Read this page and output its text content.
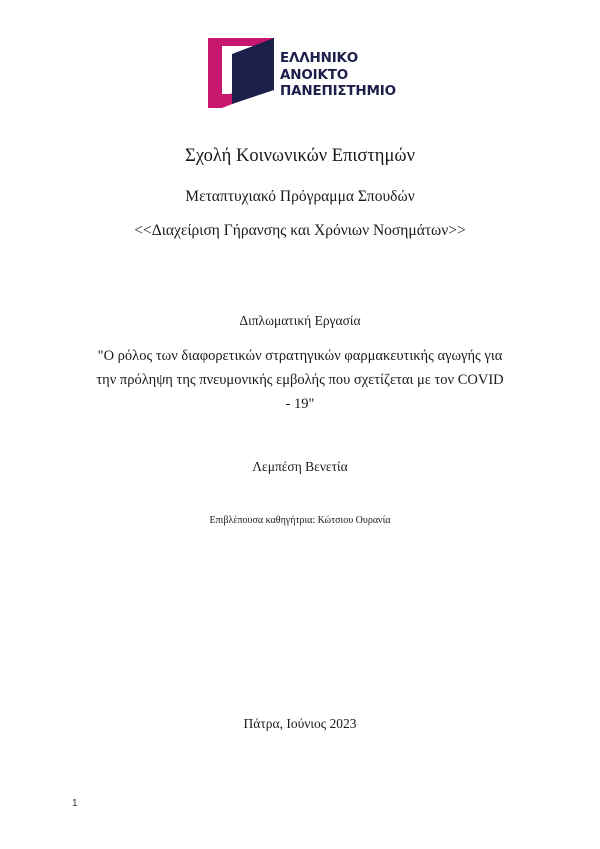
ΕΛΛΗΝΙΚΟ
ΑΝΟΙΚΤΟ
ΠΑΝΕΠΙΣΤΗΜΙΟ
Σχολή Κοινωνικών Επιστημών
Μεταπτυχιακό Πρόγραμμα Σπουδών
<<Διαχείριση Γήρανσης και Χρόνιων Νοσημάτων>>
Διπλωματική Εργασία
"Ο ρόλος των διαφορετικών στρατηγικών φαρμακευτικής αγωγής για
την πρόληψη της πνευμονικής εμβολής που σχετίζεται με τον COVID
- 19"
Λεμπέση Βενετία
Επιβλέπουσα καθηγήτρια: Κώτσιου Ουρανία
Πάτρα, Ιούνιος 2023
1
